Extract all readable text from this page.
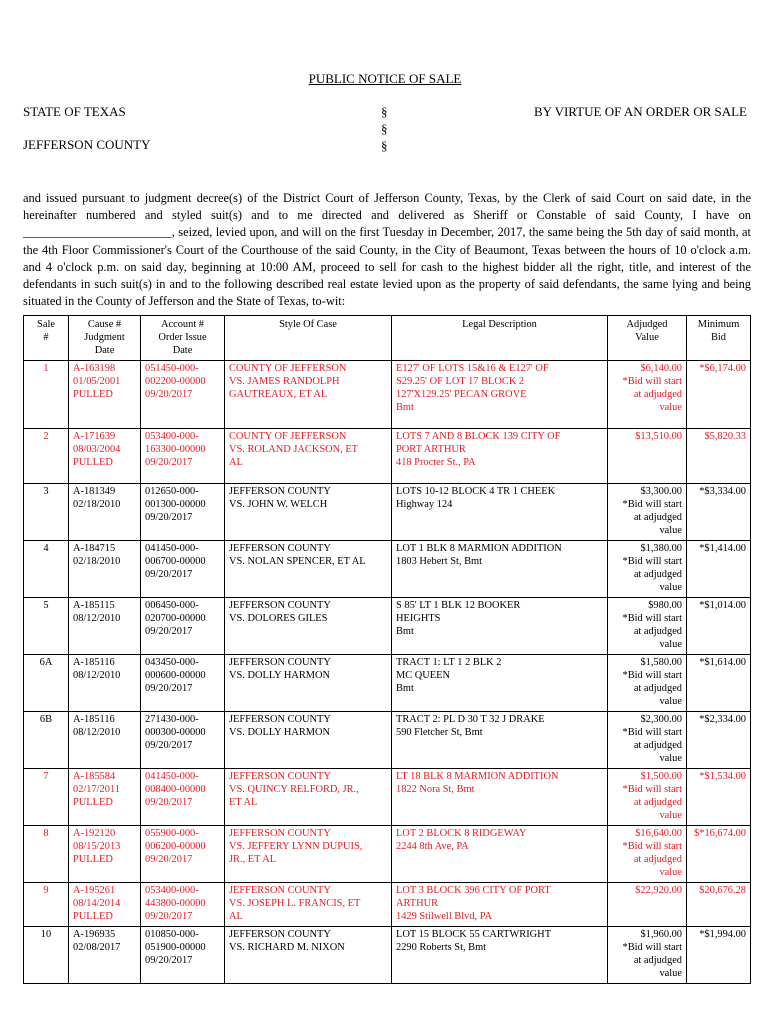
PUBLIC NOTICE OF SALE
STATE OF TEXAS
JEFFERSON COUNTY
§
§
§
BY VIRTUE OF AN ORDER OR SALE
and issued pursuant to judgment decree(s) of the District Court of Jefferson County, Texas, by the Clerk of said Court on said date, in the hereinafter numbered and styled suit(s) and to me directed and delivered as Sheriff or Constable of said County, I have on ________________________, seized, levied upon, and will on the first Tuesday in December, 2017, the same being the 5th day of said month, at the 4th Floor Commissioner's Court of the Courthouse of the said County, in the City of Beaumont, Texas between the hours of 10 o'clock a.m. and 4 o'clock p.m. on said day, beginning at 10:00 AM, proceed to sell for cash to the highest bidder all the right, title, and interest of the defendants in such suit(s) in and to the following described real estate levied upon as the property of said defendants, the same lying and being situated in the County of Jefferson and the State of Texas, to-wit:
Sale
#	Cause #
Judgment
Date	Account #
Order Issue
Date	Style Of Case	Legal Description	Adjudged
Value	Minimum
Bid

1	A-163198
01/05/2001
PULLED	051450-000-
002200-00000
09/20/2017	COUNTY OF JEFFERSON
VS. JAMES RANDOLPH
GAUTREAUX, ET AL	E127' OF LOTS 15&16 & E127' OF
S29.25' OF LOT 17 BLOCK 2
127'X129.25' PECAN GROVE
Bmt	$6,140.00
*Bid will start
at adjudged
value	*$6,174.00
2	A-171639
08/03/2004
PULLED	053400-000-
163300-00000
09/20/2017	COUNTY OF JEFFERSON
VS. ROLAND JACKSON, ET
AL	LOTS 7 AND 8 BLOCK 139 CITY OF
PORT ARTHUR
418 Procter St., PA	$13,510.00	$5,820.33
3	A-181349
02/18/2010	012650-000-
001300-00000
09/20/2017	JEFFERSON COUNTY
VS. JOHN W. WELCH	LOTS 10-12 BLOCK 4 TR 1 CHEEK
Highway 124	$3,300.00
*Bid will start
at adjudged
value	*$3,334.00
4	A-184715
02/18/2010	041450-000-
006700-00000
09/20/2017	JEFFERSON COUNTY
VS. NOLAN SPENCER, ET AL	LOT 1 BLK 8 MARMION ADDITION
1803 Hebert St, Bmt	$1,380.00
*Bid will start
at adjudged
value	*$1,414.00
5	A-185115
08/12/2010	006450-000-
020700-00000
09/20/2017	JEFFERSON COUNTY
VS. DOLORES GILES	S 85' LT 1 BLK 12 BOOKER
HEIGHTS
Bmt	$980.00
*Bid will start
at adjudged
value	*$1,014.00
6A	A-185116
08/12/2010	043450-000-
000600-00000
09/20/2017	JEFFERSON COUNTY
VS. DOLLY HARMON	TRACT 1: LT 1 2 BLK 2
MC QUEEN
Bmt	$1,580.00
*Bid will start
at adjudged
value	*$1,614.00
6B	A-185116
08/12/2010	271430-000-
000300-00000
09/20/2017	JEFFERSON COUNTY
VS. DOLLY HARMON	TRACT 2: PL D 30 T 32 J DRAKE
590 Fletcher St, Bmt	$2,300.00
*Bid will start
at adjudged
value	*$2,334.00
7	A-185584
02/17/2011
PULLED	041450-000-
008400-00000
09/20/2017	JEFFERSON COUNTY
VS. QUINCY RELFORD, JR.,
ET AL	LT 18 BLK 8 MARMION ADDITION
1822 Nora St, Bmt	$1,500.00
*Bid will start
at adjudged
value	*$1,534.00
8	A-192120
08/15/2013
PULLED	055900-000-
006200-00000
09/20/2017	JEFFERSON COUNTY
VS. JEFFERY LYNN DUPUIS,
JR., ET AL	LOT 2 BLOCK 8 RIDGEWAY
2244 8th Ave, PA	$16,640.00
*Bid will start
at adjudged
value	$*16,674.00
9	A-195261
08/14/2014
PULLED	053400-000-
443800-00000
09/20/2017	JEFFERSON COUNTY
VS. JOSEPH L. FRANCIS, ET
AL	LOT 3 BLOCK 396 CITY OF PORT
ARTHUR
1429 Stilwell Blvd, PA	$22,920.00	$20,676.28
10	A-196935
02/08/2017	010850-000-
051900-00000
09/20/2017	JEFFERSON COUNTY
VS. RICHARD M. NIXON	LOT 15 BLOCK 55 CARTWRIGHT
2290 Roberts St, Bmt	$1,960.00
*Bid will start
at adjudged
value	*$1,994.00
